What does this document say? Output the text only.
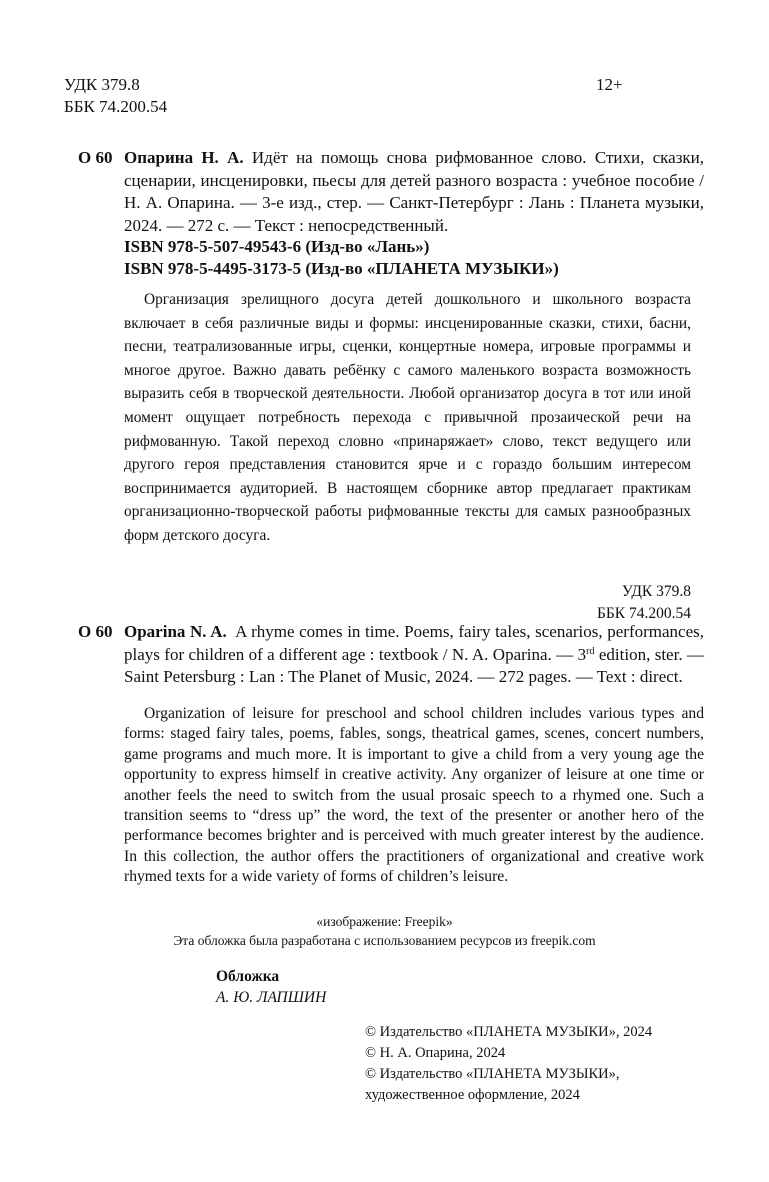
УДК 379.8
ББК 74.200.54
12+
О 60 Опарина Н. А. Идёт на помощь снова рифмованное слово. Стихи, сказки, сценарии, инсценировки, пьесы для детей разного возраста : учебное пособие / Н. А. Опарина. — 3-е изд., стер. — Санкт-Петербург : Лань : Планета музыки, 2024. — 272 с. — Текст : непосредственный.
ISBN 978-5-507-49543-6 (Изд-во «Лань»)
ISBN 978-5-4495-3173-5 (Изд-во «ПЛАНЕТА МУЗЫКИ»)
Организация зрелищного досуга детей дошкольного и школьного возраста включает в себя различные виды и формы: инсценированные сказки, стихи, басни, песни, театрализованные игры, сценки, концертные номера, игровые программы и многое другое. Важно давать ребёнку с самого маленького возраста возможность выразить себя в творческой деятельности. Любой организатор досуга в тот или иной момент ощущает потребность перехода с привычной прозаической речи на рифмованную. Такой переход словно «принаряжает» слово, текст ведущего или другого героя представления становится ярче и с гораздо большим интересом воспринимается аудиторией. В настоящем сборнике автор предлагает практикам организационно-творческой работы рифмованные тексты для самых разнообразных форм детского досуга.
УДК 379.8
ББК 74.200.54
О 60 Oparina N. A. A rhyme comes in time. Poems, fairy tales, scenarios, performances, plays for children of a different age : textbook / N. A. Oparina. — 3rd edition, ster. — Saint Petersburg : Lan : The Planet of Music, 2024. — 272 pages. — Text : direct.
Organization of leisure for preschool and school children includes various types and forms: staged fairy tales, poems, fables, songs, theatrical games, scenes, concert numbers, game programs and much more. It is important to give a child from a very young age the opportunity to express himself in creative activity. Any organizer of leisure at one time or another feels the need to switch from the usual prosaic speech to a rhymed one. Such a transition seems to “dress up” the word, the text of the presenter or another hero of the performance becomes brighter and is perceived with much greater interest by the audience. In this collection, the author offers the practitioners of organizational and creative work rhymed texts for a wide variety of forms of children’s leisure.
«изображение: Freepik»
Эта обложка была разработана с использованием ресурсов из freepik.com
Обложка
А. Ю. ЛАПШИН
© Издательство «ПЛАНЕТА МУЗЫКИ», 2024
© Н. А. Опарина, 2024
© Издательство «ПЛАНЕТА МУЗЫКИ»,
художественное оформление, 2024
